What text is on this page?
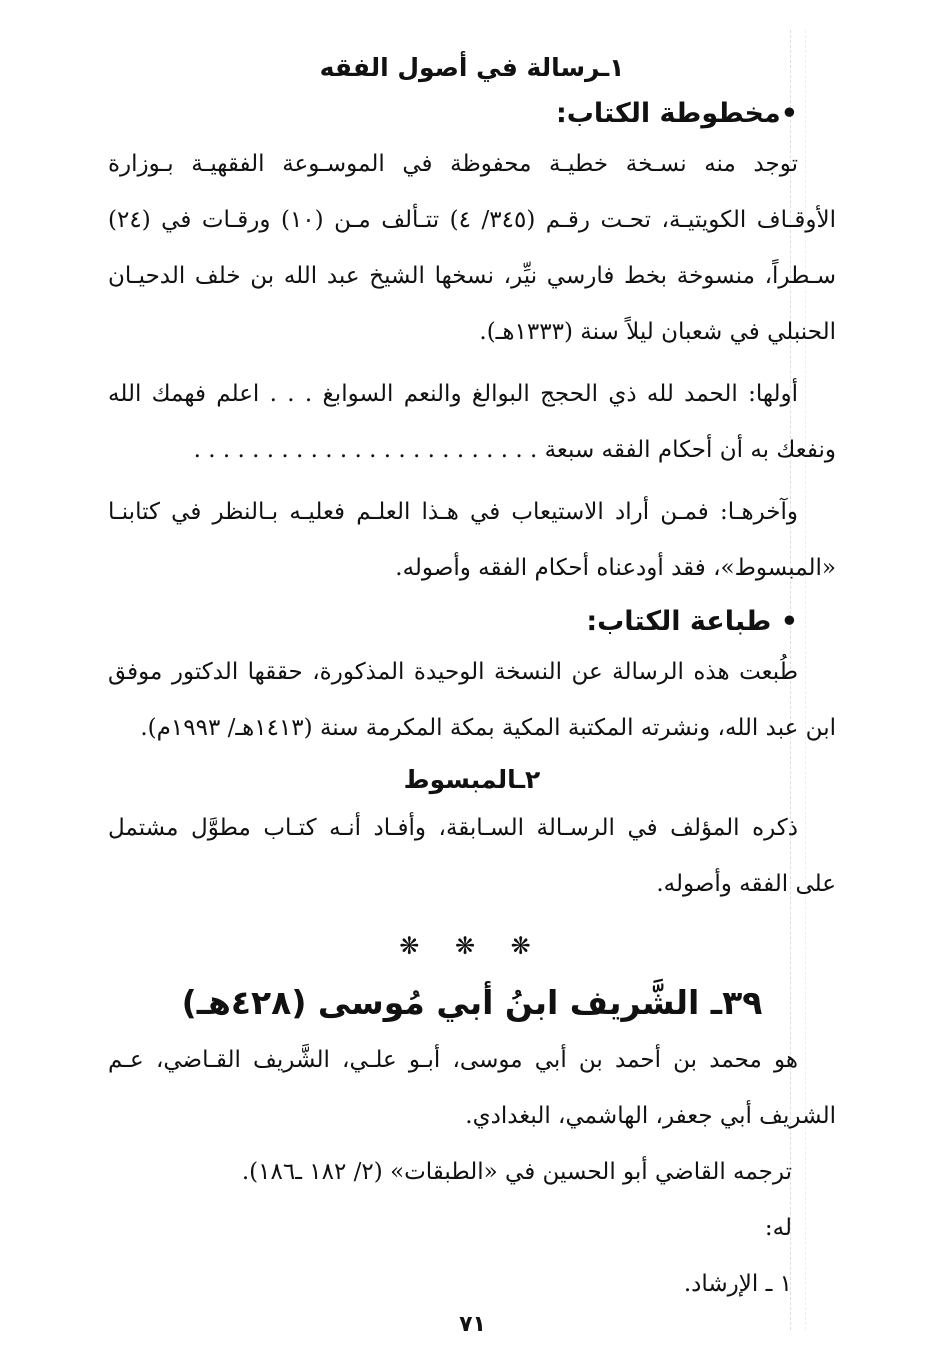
١ـرسالة في أصول الفقه
•مخطوطة الكتاب:

توجد منه نسـخة خطيـة محفوظة في الموسـوعة الفقهيـة بـوزارة الأوقـاف الكويتيـة، تحـت رقـم (٣٤٥/ ٤) تتـألف مـن (١٠) ورقـات في (٢٤) سـطراً، منسوخة بخط فارسي نيِّر، نسخها الشيخ عبد الله بن خلف الدحيـان الحنبلي في شعبان ليلاً سنة (١٣٣٣هـ).

أولها: الحمد لله ذي الحجج البوالغ والنعم السوابغ . . . اعلم فهمك الله ونفعك به أن أحكام الفقه سبعة . . . . . . . . . . . . . . . . . . . . . . . .

وآخرهـا: فمـن أراد الاستيعاب في هـذا العلـم فعليـه بـالنظر في كتابنـا «المبسوط»، فقد أودعناه أحكام الفقه وأصوله.

• طباعة الكتاب:

طُبعت هذه الرسالة عن النسخة الوحيدة المذكورة، حققها الدكتور موفق ابن عبد الله، ونشرته المكتبة المكية بمكة المكرمة سنة (١٤١٣هـ/ ١٩٩٣م).

٢ـالمبسوط

ذكره المؤلف في الرسـالة السـابقة، وأفـاد أنـه كتـاب مطوَّل مشتمل على الفقه وأصوله.

❋ ❋ ❋
٣٩ـ الشَّريف ابنُ أبي مُوسى (٤٢٨هـ)

هو محمد بن أحمد بن أبي موسى، أبـو علـي، الشَّريف القـاضي، عـم الشريف أبي جعفر، الهاشمي، البغدادي.

ترجمه القاضي أبو الحسين في «الطبقات» (٢/ ١٨٢ ـ١٨٦).

له:

١ ـ الإرشاد.

٧١
